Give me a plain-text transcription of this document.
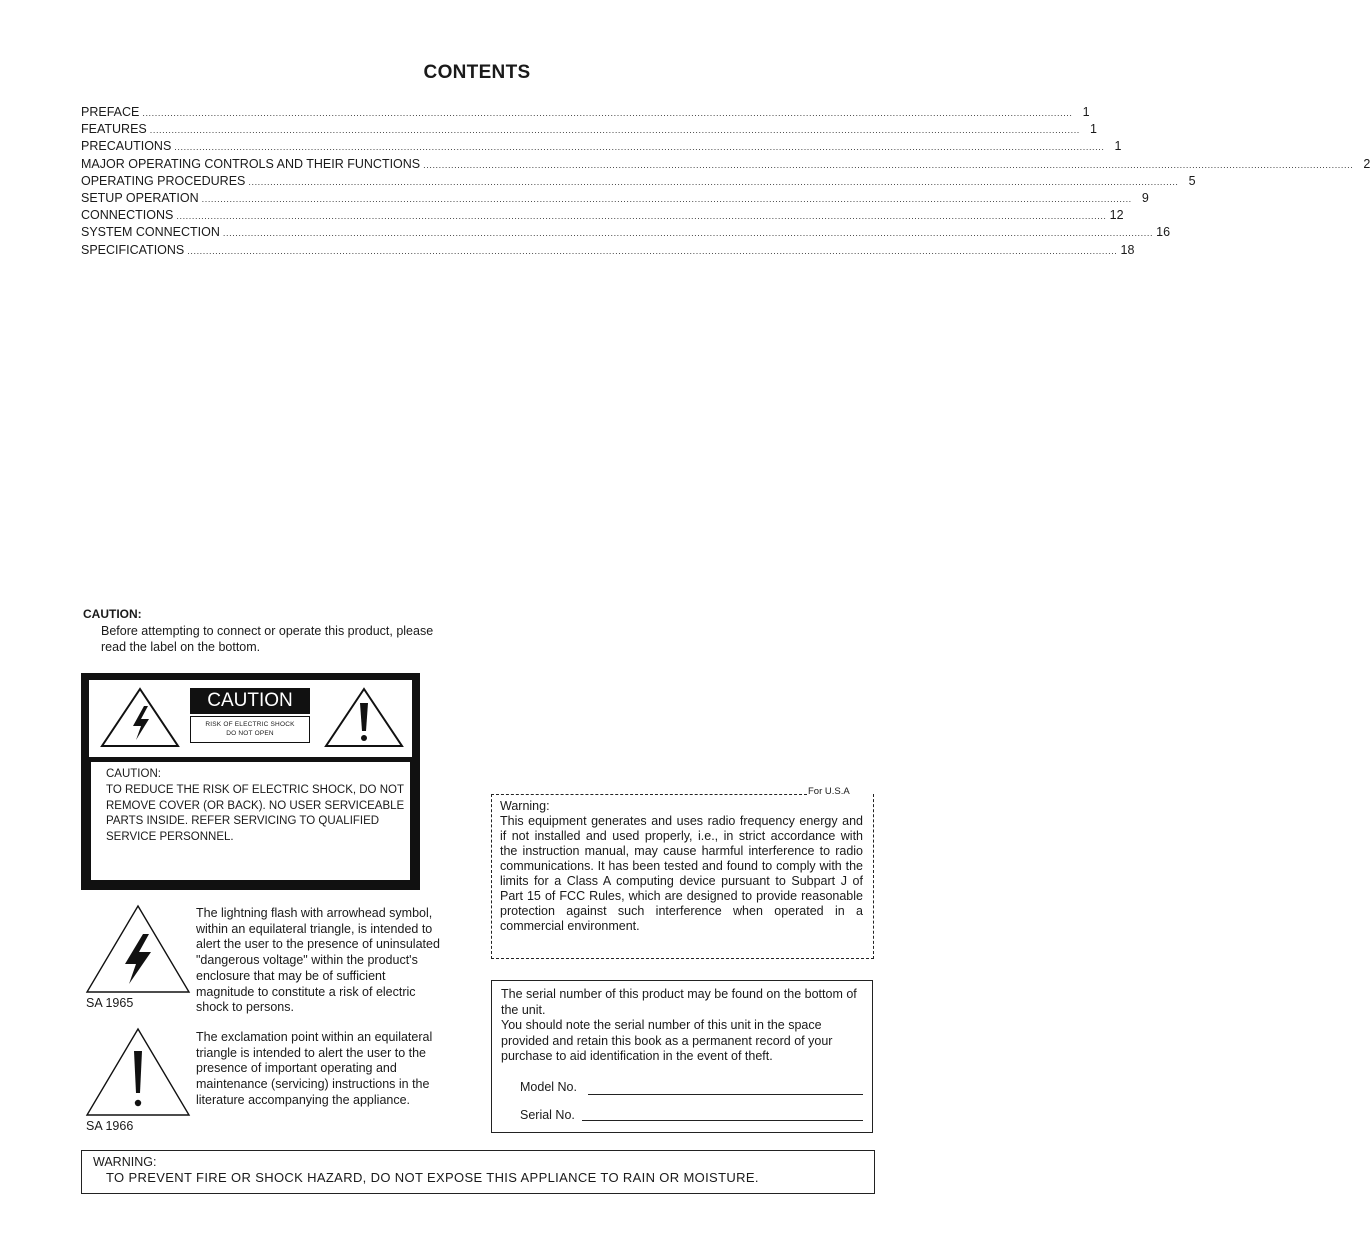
CONTENTS
PREFACE ............................................................................................................................................................................................................................................................................................................ 1
FEATURES ............................................................................................................................................................................................................................................................................................................ 1
PRECAUTIONS ............................................................................................................................................................................................................................................................................................................ 1
MAJOR OPERATING CONTROLS AND THEIR FUNCTIONS ............................................................................................................................................................................................................................................................................................................ 2
OPERATING PROCEDURES ............................................................................................................................................................................................................................................................................................................ 5
SETUP OPERATION ............................................................................................................................................................................................................................................................................................................ 9
CONNECTIONS ............................................................................................................................................................................................................................................................................................................ 12
SYSTEM CONNECTION ............................................................................................................................................................................................................................................................................................................ 16
SPECIFICATIONS ............................................................................................................................................................................................................................................................................................................ 18
CAUTION:
Before attempting to connect or operate this product, please read the label on the bottom.
CAUTION
RISK OF ELECTRIC SHOCK
DO NOT OPEN
CAUTION:
TO REDUCE THE RISK OF ELECTRIC SHOCK, DO NOT REMOVE COVER (OR BACK). NO USER SERVICEABLE PARTS INSIDE. REFER SERVICING TO QUALIFIED SERVICE PERSONNEL.
SA 1965
The lightning flash with arrowhead symbol, within an equilateral triangle, is intended to alert the user to the presence of uninsulated "dangerous voltage" within the product's enclosure that may be of sufficient magnitude to constitute a risk of electric shock to persons.
SA 1966
The exclamation point within an equilateral triangle is intended to alert the user to the presence of important operating and maintenance (servicing) instructions in the literature accompanying the appliance.
For U.S.A
Warning:
This equipment generates and uses radio frequency energy and if not installed and used properly, i.e., in strict accordance with the instruction manual, may cause harmful interference to radio communications. It has been tested and found to comply with the limits for a Class A computing device pursuant to Subpart J of Part 15 of FCC Rules, which are designed to provide reasonable protection against such interference when operated in a commercial environment.
The serial number of this product may be found on the bottom of the unit.
You should note the serial number of this unit in the space provided and retain this book as a permanent record of your purchase to aid identification in the event of theft.
Model No.
Serial No.
WARNING:
TO PREVENT FIRE OR SHOCK HAZARD, DO NOT EXPOSE THIS APPLIANCE TO RAIN OR MOISTURE.
